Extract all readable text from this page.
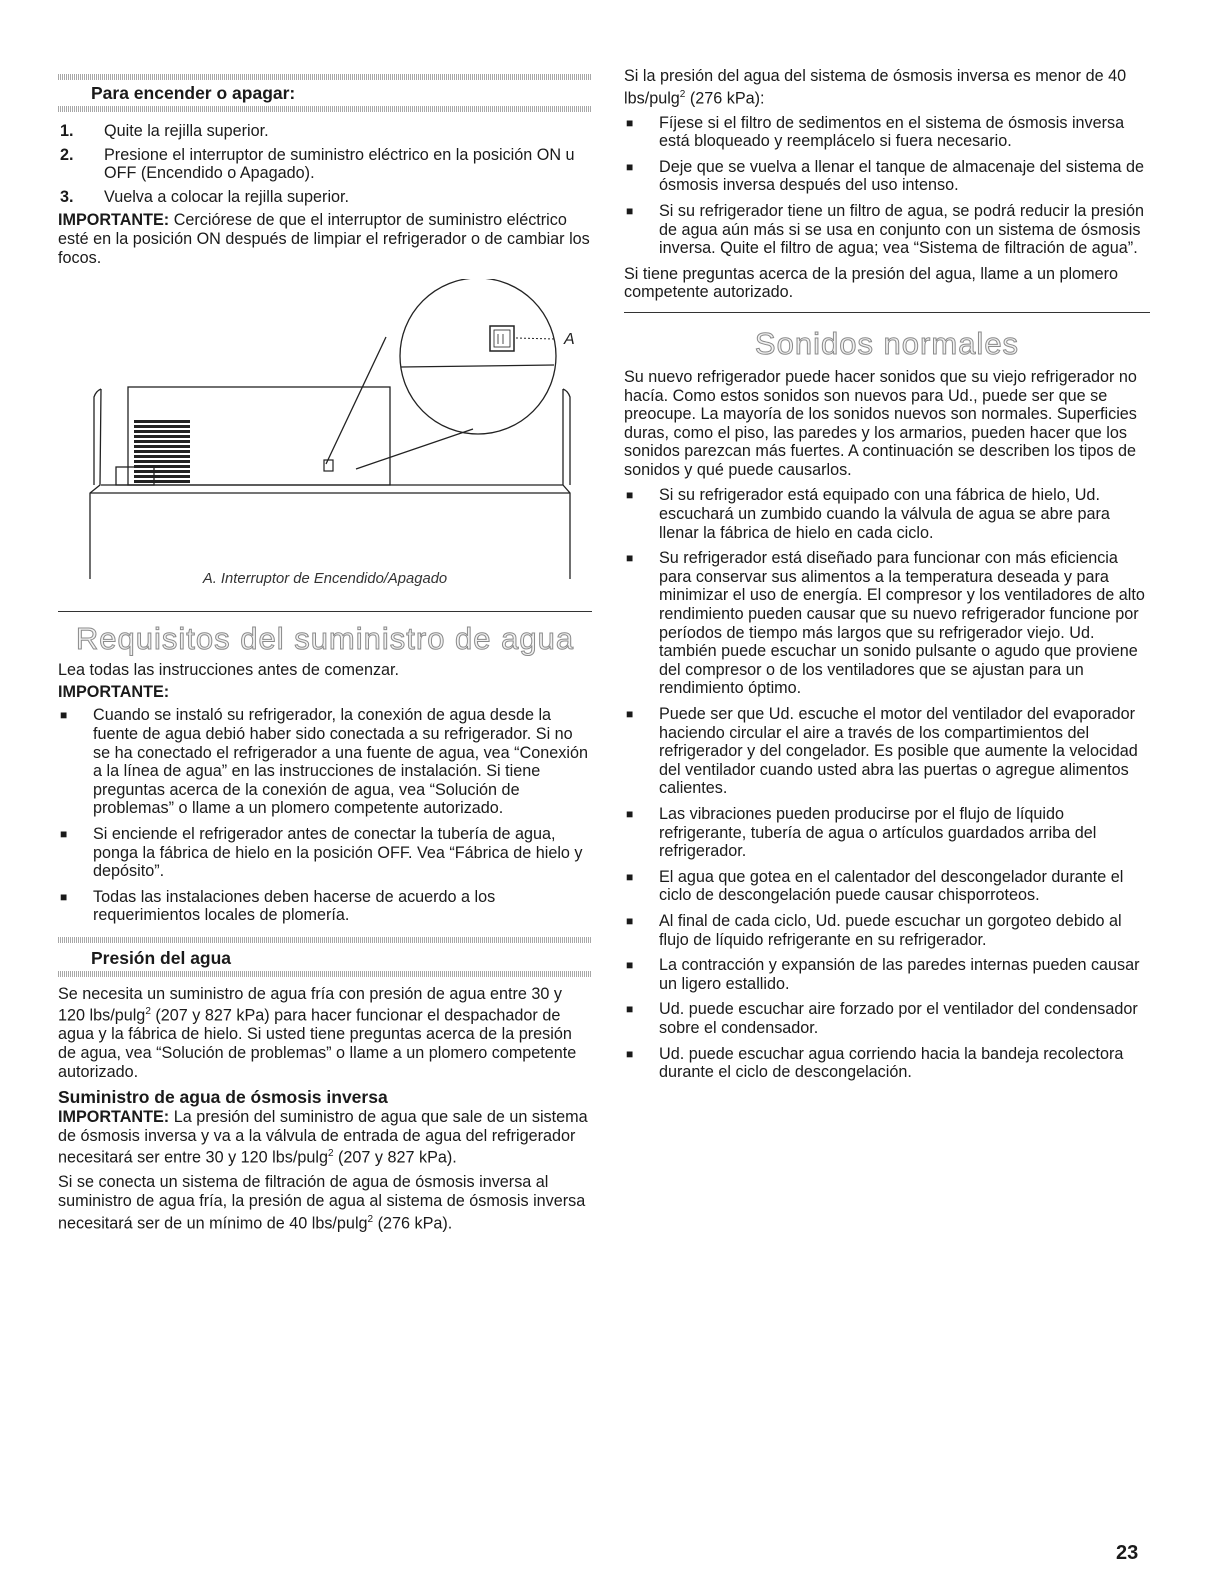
Para encender o apagar:
1.	Quite la rejilla superior.
2.	Presione el interruptor de suministro eléctrico en la posición ON u OFF (Encendido o Apagado).
3.	Vuelva a colocar la rejilla superior.

IMPORTANTE: Cerciórese de que el interruptor de suministro eléctrico esté en la posición ON después de limpiar el refrigerador o de cambiar los focos.

A
A. Interruptor de Encendido/Apagado
Requisitos del suministro de agua

Lea todas las instrucciones antes de comenzar.

IMPORTANTE:

■
Cuando se instaló su refrigerador, la conexión de agua desde la fuente de agua debió haber sido conectada a su refrigerador. Si no se ha conectado el refrigerador a una fuente de agua, vea “Conexión a la línea de agua” en las instrucciones de instalación. Si tiene preguntas acerca de la conexión de agua, vea “Solución de problemas” o llame a un plomero competente autorizado.
■
Si enciende el refrigerador antes de conectar la tubería de agua, ponga la fábrica de hielo en la posición OFF. Vea “Fábrica de hielo y depósito”.
■
Todas las instalaciones deben hacerse de acuerdo a los requerimientos locales de plomería.
Presión del agua

Se necesita un suministro de agua fría con presión de agua entre 30 y 120 lbs/pulg$^2$ (207 y 827 kPa) para hacer funcionar el despachador de agua y la fábrica de hielo. Si usted tiene preguntas acerca de la presión de agua, vea “Solución de problemas” o llame a un plomero competente autorizado.

Suministro de agua de ósmosis inversa

IMPORTANTE: La presión del suministro de agua que sale de un sistema de ósmosis inversa y va a la válvula de entrada de agua del refrigerador necesitará ser entre 30 y 120 lbs/pulg$^2$ (207 y 827 kPa).

Si se conecta un sistema de filtración de agua de ósmosis inversa al suministro de agua fría, la presión de agua al sistema de ósmosis inversa necesitará ser de un mínimo de 40 lbs/pulg$^2$ (276 kPa).

Si la presión del agua del sistema de ósmosis inversa es menor de 40 lbs/pulg$^2$ (276 kPa):

■
Fíjese si el filtro de sedimentos en el sistema de ósmosis inversa está bloqueado y reemplácelo si fuera necesario.
■
Deje que se vuelva a llenar el tanque de almacenaje del sistema de ósmosis inversa después del uso intenso.
■
Si su refrigerador tiene un filtro de agua, se podrá reducir la presión de agua aún más si se usa en conjunto con un sistema de ósmosis inversa. Quite el filtro de agua; vea “Sistema de filtración de agua”.

Si tiene preguntas acerca de la presión del agua, llame a un plomero competente autorizado.

Sonidos normales

Su nuevo refrigerador puede hacer sonidos que su viejo refrigerador no hacía. Como estos sonidos son nuevos para Ud., puede ser que se preocupe. La mayoría de los sonidos nuevos son normales. Superficies duras, como el piso, las paredes y los armarios, pueden hacer que los sonidos parezcan más fuertes. A continuación se describen los tipos de sonidos y qué puede causarlos.

■
Si su refrigerador está equipado con una fábrica de hielo, Ud. escuchará un zumbido cuando la válvula de agua se abre para llenar la fábrica de hielo en cada ciclo.
■
Su refrigerador está diseñado para funcionar con más eficiencia para conservar sus alimentos a la temperatura deseada y para minimizar el uso de energía. El compresor y los ventiladores de alto rendimiento pueden causar que su nuevo refrigerador funcione por períodos de tiempo más largos que su refrigerador viejo. Ud. también puede escuchar un sonido pulsante o agudo que proviene del compresor o de los ventiladores que se ajustan para un rendimiento óptimo.
■
Puede ser que Ud. escuche el motor del ventilador del evaporador haciendo circular el aire a través de los compartimientos del refrigerador y del congelador. Es posible que aumente la velocidad del ventilador cuando usted abra las puertas o agregue alimentos calientes.
■
Las vibraciones pueden producirse por el flujo de líquido refrigerante, tubería de agua o artículos guardados arriba del refrigerador.
■
El agua que gotea en el calentador del descongelador durante el ciclo de descongelación puede causar chisporroteos.
■
Al final de cada ciclo, Ud. puede escuchar un gorgoteo debido al flujo de líquido refrigerante en su refrigerador.
■
La contracción y expansión de las paredes internas pueden causar un ligero estallido.
■
Ud. puede escuchar aire forzado por el ventilador del condensador sobre el condensador.
■
Ud. puede escuchar agua corriendo hacia la bandeja recolectora durante el ciclo de descongelación.
23
